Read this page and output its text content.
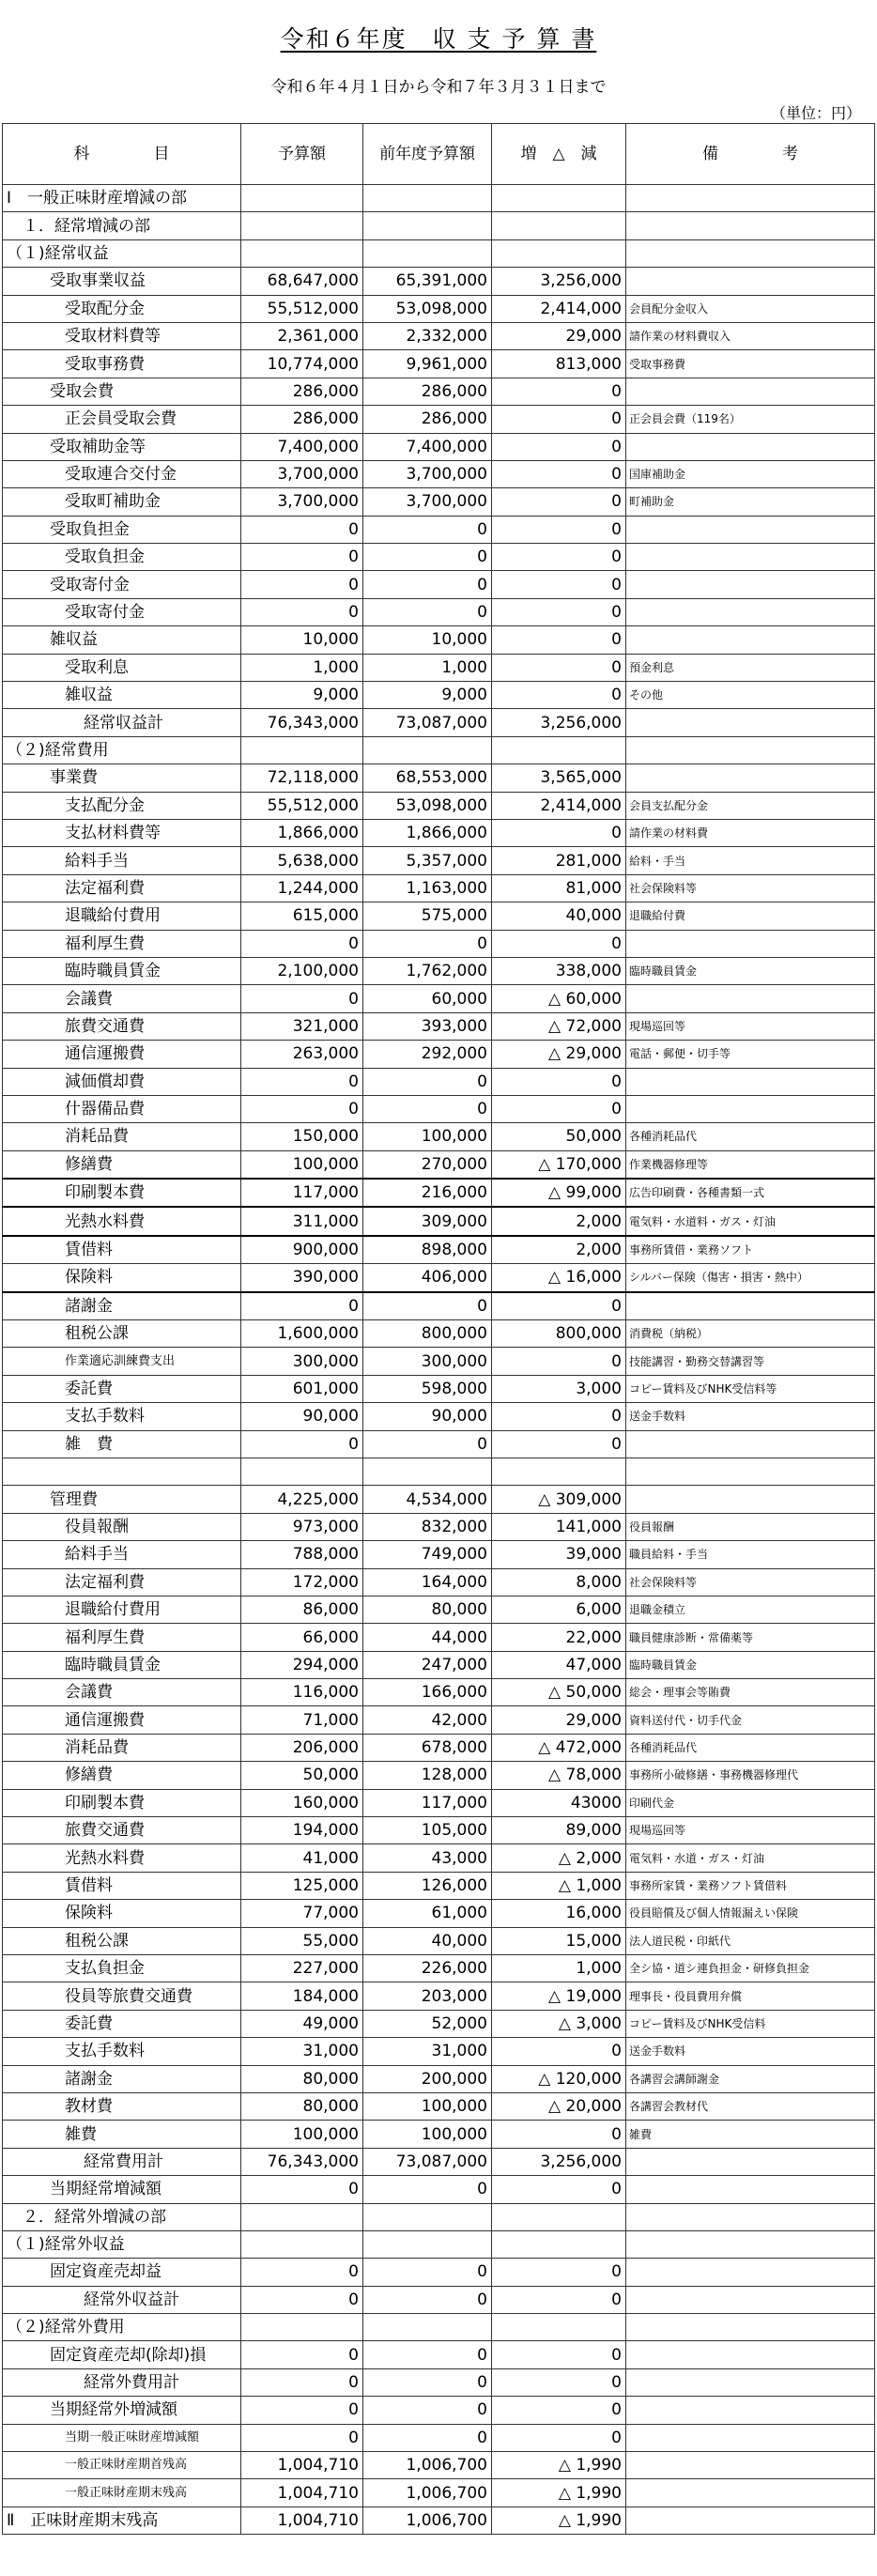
令和６年度　収 支 予 算 書
令和６年４月１日から令和７年３月３１日まで
（単位：円）
科　　　　目	予算額	前年度予算額	増　△　減	備　　　　考
Ⅰ　一般正味財産増減の部				
　１．経常増減の部				
（１)経常収益				
受取事業収益	68,647,000	65,391,000	3,256,000	
受取配分金	55,512,000	53,098,000	2,414,000	会員配分金収入
受取材料費等	2,361,000	2,332,000	29,000	請作業の材料費収入
受取事務費	10,774,000	9,961,000	813,000	受取事務費
受取会費	286,000	286,000	0	
正会員受取会費	286,000	286,000	0	正会員会費（119名）
受取補助金等	7,400,000	7,400,000	0	
受取連合交付金	3,700,000	3,700,000	0	国庫補助金
受取町補助金	3,700,000	3,700,000	0	町補助金
受取負担金	0	0	0	
受取負担金	0	0	0	
受取寄付金	0	0	0	
受取寄付金	0	0	0	
雑収益	10,000	10,000	0	
受取利息	1,000	1,000	0	預金利息
雑収益	9,000	9,000	0	その他
経常収益計	76,343,000	73,087,000	3,256,000	
（２)経常費用				
事業費	72,118,000	68,553,000	3,565,000	
支払配分金	55,512,000	53,098,000	2,414,000	会員支払配分金
支払材料費等	1,866,000	1,866,000	0	請作業の材料費
給料手当	5,638,000	5,357,000	281,000	給料・手当
法定福利費	1,244,000	1,163,000	81,000	社会保険料等
退職給付費用	615,000	575,000	40,000	退職給付費
福利厚生費	0	0	0	
臨時職員賃金	2,100,000	1,762,000	338,000	臨時職員賃金
会議費	0	60,000	△ 60,000	
旅費交通費	321,000	393,000	△ 72,000	現場巡回等
通信運搬費	263,000	292,000	△ 29,000	電話・郵便・切手等
減価償却費	0	0	0	
什器備品費	0	0	0	
消耗品費	150,000	100,000	50,000	各種消耗品代
修繕費	100,000	270,000	△ 170,000	作業機器修理等
印刷製本費	117,000	216,000	△ 99,000	広告印刷費・各種書類一式
光熱水料費	311,000	309,000	2,000	電気料・水道料・ガス・灯油
賃借料	900,000	898,000	2,000	事務所賃借・業務ソフト
保険料	390,000	406,000	△ 16,000	シルバー保険（傷害・損害・熱中）
諸謝金	0	0	0	
租税公課	1,600,000	800,000	800,000	消費税（納税）
作業適応訓練費支出	300,000	300,000	0	技能講習・勤務交替講習等
委託費	601,000	598,000	3,000	コピー賃料及びNHK受信料等
支払手数料	90,000	90,000	0	送金手数料
雑　費	0	0	0	

管理費	4,225,000	4,534,000	△ 309,000	
役員報酬	973,000	832,000	141,000	役員報酬
給料手当	788,000	749,000	39,000	職員給料・手当
法定福利費	172,000	164,000	8,000	社会保険料等
退職給付費用	86,000	80,000	6,000	退職金積立
福利厚生費	66,000	44,000	22,000	職員健康診断・常備薬等
臨時職員賃金	294,000	247,000	47,000	臨時職員賃金
会議費	116,000	166,000	△ 50,000	総会・理事会等賄費
通信運搬費	71,000	42,000	29,000	資料送付代・切手代金
消耗品費	206,000	678,000	△ 472,000	各種消耗品代
修繕費	50,000	128,000	△ 78,000	事務所小破修繕・事務機器修理代
印刷製本費	160,000	117,000	43000	印刷代金
旅費交通費	194,000	105,000	89,000	現場巡回等
光熱水料費	41,000	43,000	△ 2,000	電気料・水道・ガス・灯油
賃借料	125,000	126,000	△ 1,000	事務所家賃・業務ソフト賃借料
保険料	77,000	61,000	16,000	役員賠償及び個人情報漏えい保険
租税公課	55,000	40,000	15,000	法人道民税・印紙代
支払負担金	227,000	226,000	1,000	全シ協・道シ連負担金・研修負担金
役員等旅費交通費	184,000	203,000	△ 19,000	理事長・役員費用弁償
委託費	49,000	52,000	△ 3,000	コピー賃料及びNHK受信料
支払手数料	31,000	31,000	0	送金手数料
諸謝金	80,000	200,000	△ 120,000	各講習会講師謝金
教材費	80,000	100,000	△ 20,000	各講習会教材代
雑費	100,000	100,000	0	雑費
経常費用計	76,343,000	73,087,000	3,256,000	
当期経常増減額	0	0	0	
　２．経常外増減の部				
（１)経常外収益				
固定資産売却益	0	0	0	
経常外収益計	0	0	0	
（２)経常外費用				
固定資産売却(除却)損	0	0	0	
経常外費用計	0	0	0	
当期経常外増減額	0	0	0	
当期一般正味財産増減額	0	0	0	
一般正味財産期首残高	1,004,710	1,006,700	△ 1,990	
一般正味財産期末残高	1,004,710	1,006,700	△ 1,990	
Ⅱ　正味財産期末残高	1,004,710	1,006,700	△ 1,990	
